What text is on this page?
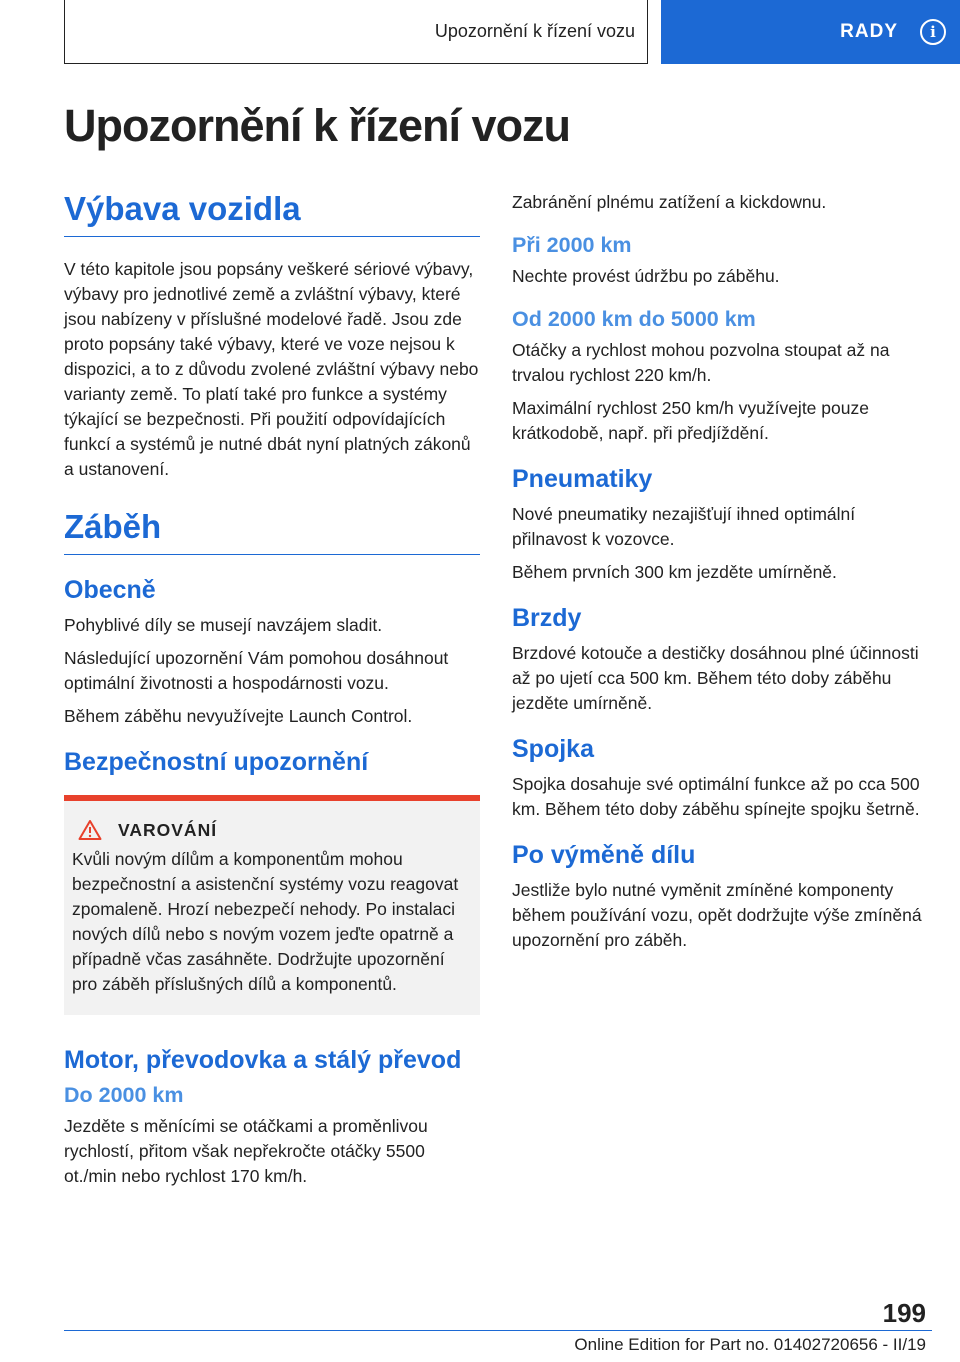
Upozornění k řízení vozu	RADY	i
Upozornění k řízení vozu
Výbava vozidla

V této kapitole jsou popsány veškeré sériové výbavy, výbavy pro jednotlivé země a zvláštní výbavy, které jsou nabízeny v příslušné modelové řadě. Jsou zde proto popsány také výbavy, které ve voze nejsou k dispozici, a to z důvodu zvolené zvláštní výbavy nebo varianty země. To platí také pro funkce a systémy týkající se bezpečnosti. Při použití odpovídajících funkcí a systémů je nutné dbát nyní platných zákonů a ustanovení.

Záběh
Obecně

Pohyblivé díly se musejí navzájem sladit.

Následující upozornění Vám pomohou dosáhnout optimální životnosti a hospodárnosti vozu.

Během záběhu nevyužívejte Launch Control.

Bezpečnostní upozornění
VAROVÁNÍ

Kvůli novým dílům a komponentům mohou bezpečnostní a asistenční systémy vozu reagovat zpomaleně. Hrozí nebezpečí nehody. Po instalaci nových dílů nebo s novým vozem jeďte opatrně a případně včas zasáhněte. Dodržujte upozornění pro záběh příslušných dílů a komponentů.

Motor, převodovka a stálý převod
Do 2000 km

Jezděte s měnícími se otáčkami a proměnlivou rychlostí, přitom však nepřekročte otáčky 5500 ot./min nebo rychlost 170 km/h.

Zabránění plnému zatížení a kickdownu.

Při 2000 km

Nechte provést údržbu po záběhu.

Od 2000 km do 5000 km

Otáčky a rychlost mohou pozvolna stoupat až na trvalou rychlost 220 km/h.

Maximální rychlost 250 km/h využívejte pouze krátkodobě, např. při předjíždění.

Pneumatiky

Nové pneumatiky nezajišťují ihned optimální přilnavost k vozovce.

Během prvních 300 km jezděte umírněně.

Brzdy

Brzdové kotouče a destičky dosáhnou plné účinnosti až po ujetí cca 500 km. Během této doby záběhu jezděte umírněně.

Spojka

Spojka dosahuje své optimální funkce až po cca 500 km. Během této doby záběhu spínejte spojku šetrně.

Po výměně dílu

Jestliže bylo nutné vyměnit zmíněné komponenty během používání vozu, opět dodržujte výše zmíněná upozornění pro záběh.

199
Online Edition for Part no. 01402720656 - II/19
